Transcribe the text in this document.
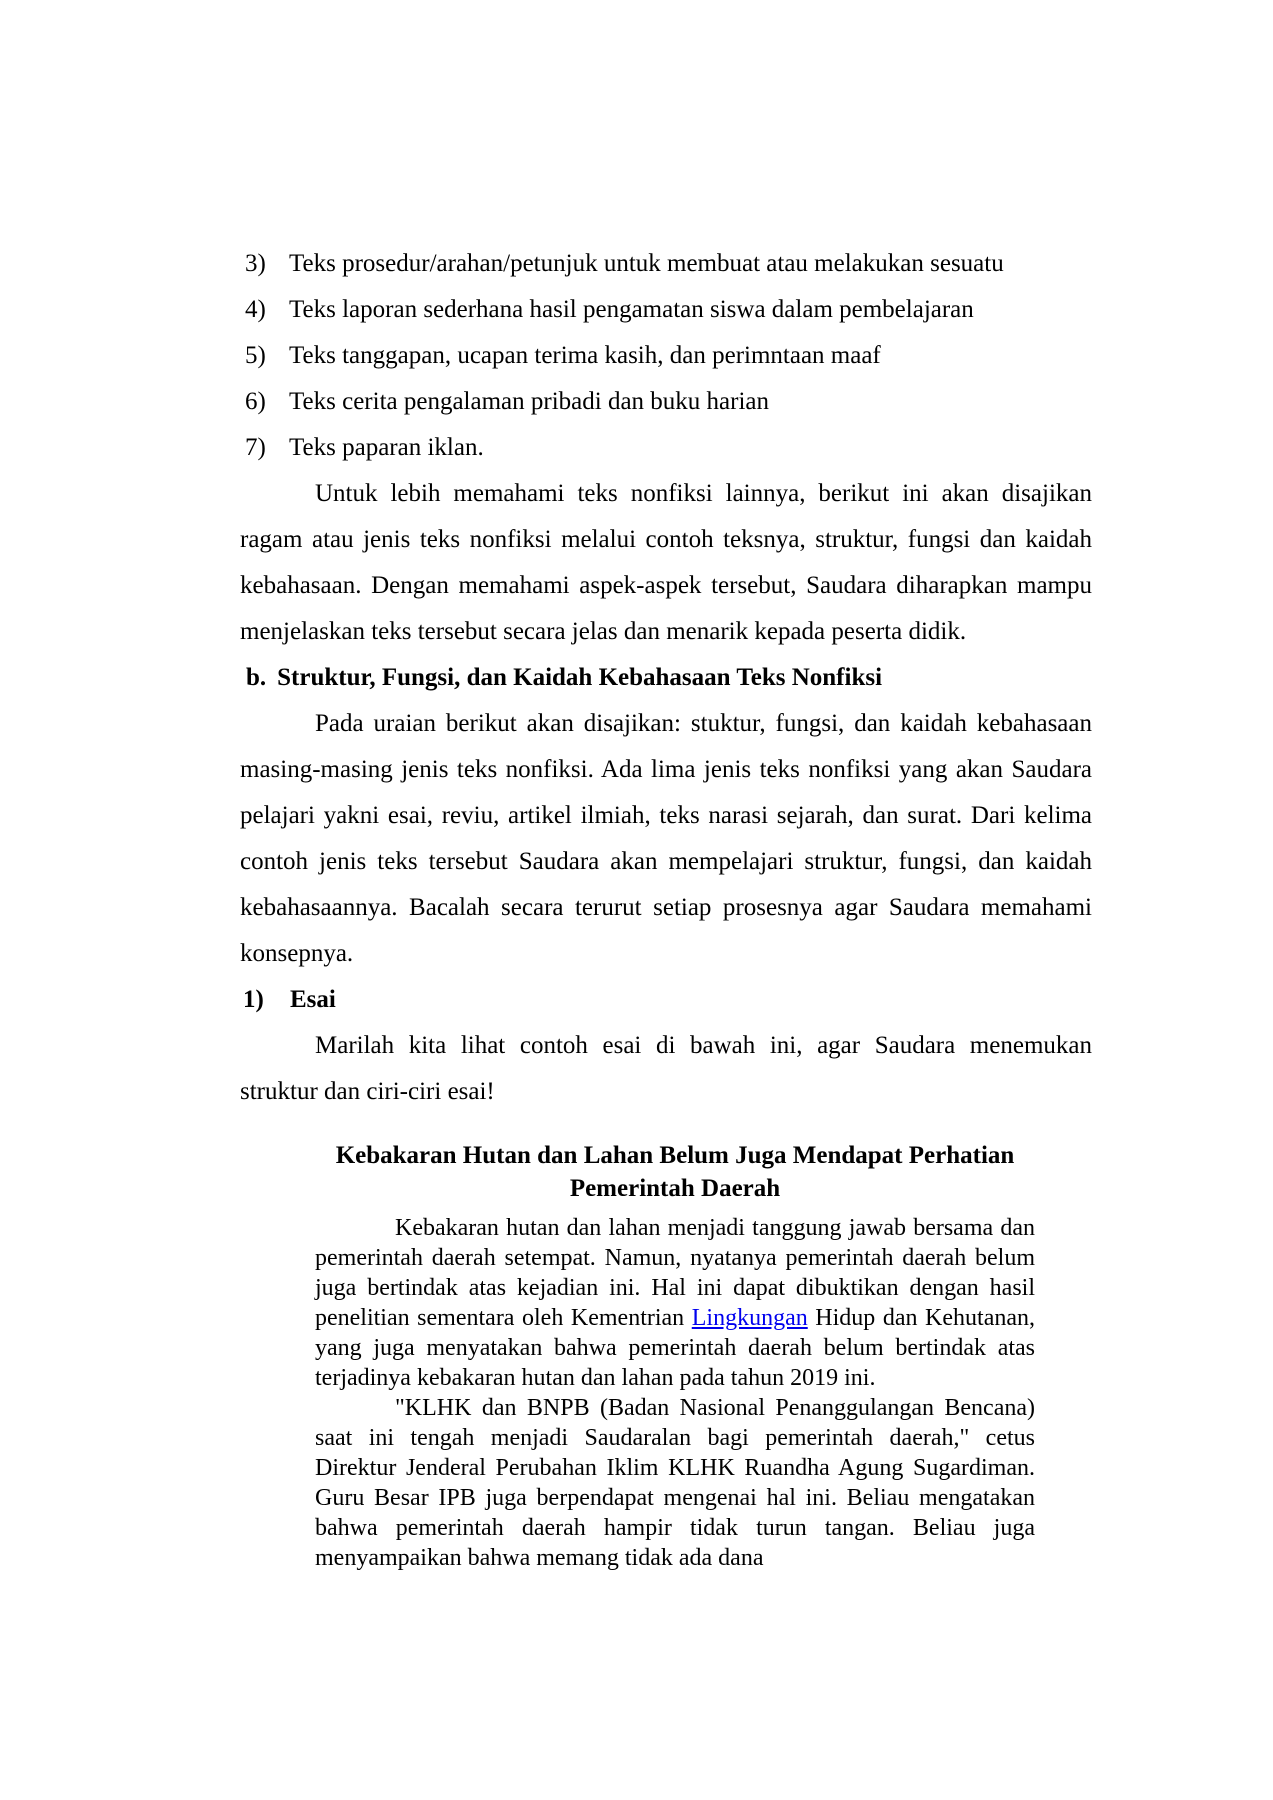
3) Teks prosedur/arahan/petunjuk untuk membuat atau melakukan sesuatu
4) Teks laporan sederhana hasil pengamatan siswa dalam pembelajaran
5) Teks tanggapan, ucapan terima kasih, dan perimntaan maaf
6) Teks cerita pengalaman pribadi dan buku harian
7) Teks paparan iklan.

Untuk lebih memahami teks nonfiksi lainnya, berikut ini akan disajikan ragam atau jenis teks nonfiksi melalui contoh teksnya, struktur, fungsi dan kaidah kebahasaan. Dengan memahami aspek-aspek tersebut, Saudara diharapkan mampu menjelaskan teks tersebut secara jelas dan menarik kepada peserta didik.

b. Struktur, Fungsi, dan Kaidah Kebahasaan Teks Nonfiksi

Pada uraian berikut akan disajikan: stuktur, fungsi, dan kaidah kebahasaan masing-masing jenis teks nonfiksi. Ada lima jenis teks nonfiksi yang akan Saudara pelajari yakni esai, reviu, artikel ilmiah, teks narasi sejarah, dan surat. Dari kelima contoh jenis teks tersebut Saudara akan mempelajari struktur, fungsi, dan kaidah kebahasaannya. Bacalah secara terurut setiap prosesnya agar Saudara memahami konsepnya.

1) Esai

Marilah kita lihat contoh esai di bawah ini, agar Saudara menemukan struktur dan ciri-ciri esai!

Kebakaran Hutan dan Lahan Belum Juga Mendapat Perhatian
Pemerintah Daerah

Kebakaran hutan dan lahan menjadi tanggung jawab bersama dan pemerintah daerah setempat. Namun, nyatanya pemerintah daerah belum juga bertindak atas kejadian ini. Hal ini dapat dibuktikan dengan hasil penelitian sementara oleh Kementrian Lingkungan Hidup dan Kehutanan, yang juga menyatakan bahwa pemerintah daerah belum bertindak atas terjadinya kebakaran hutan dan lahan pada tahun 2019 ini.

"KLHK dan BNPB (Badan Nasional Penanggulangan Bencana) saat ini tengah menjadi Saudaralan bagi pemerintah daerah," cetus Direktur Jenderal Perubahan Iklim KLHK Ruandha Agung Sugardiman. Guru Besar IPB juga berpendapat mengenai hal ini. Beliau mengatakan bahwa pemerintah daerah hampir tidak turun tangan. Beliau juga menyampaikan bahwa memang tidak ada dana
